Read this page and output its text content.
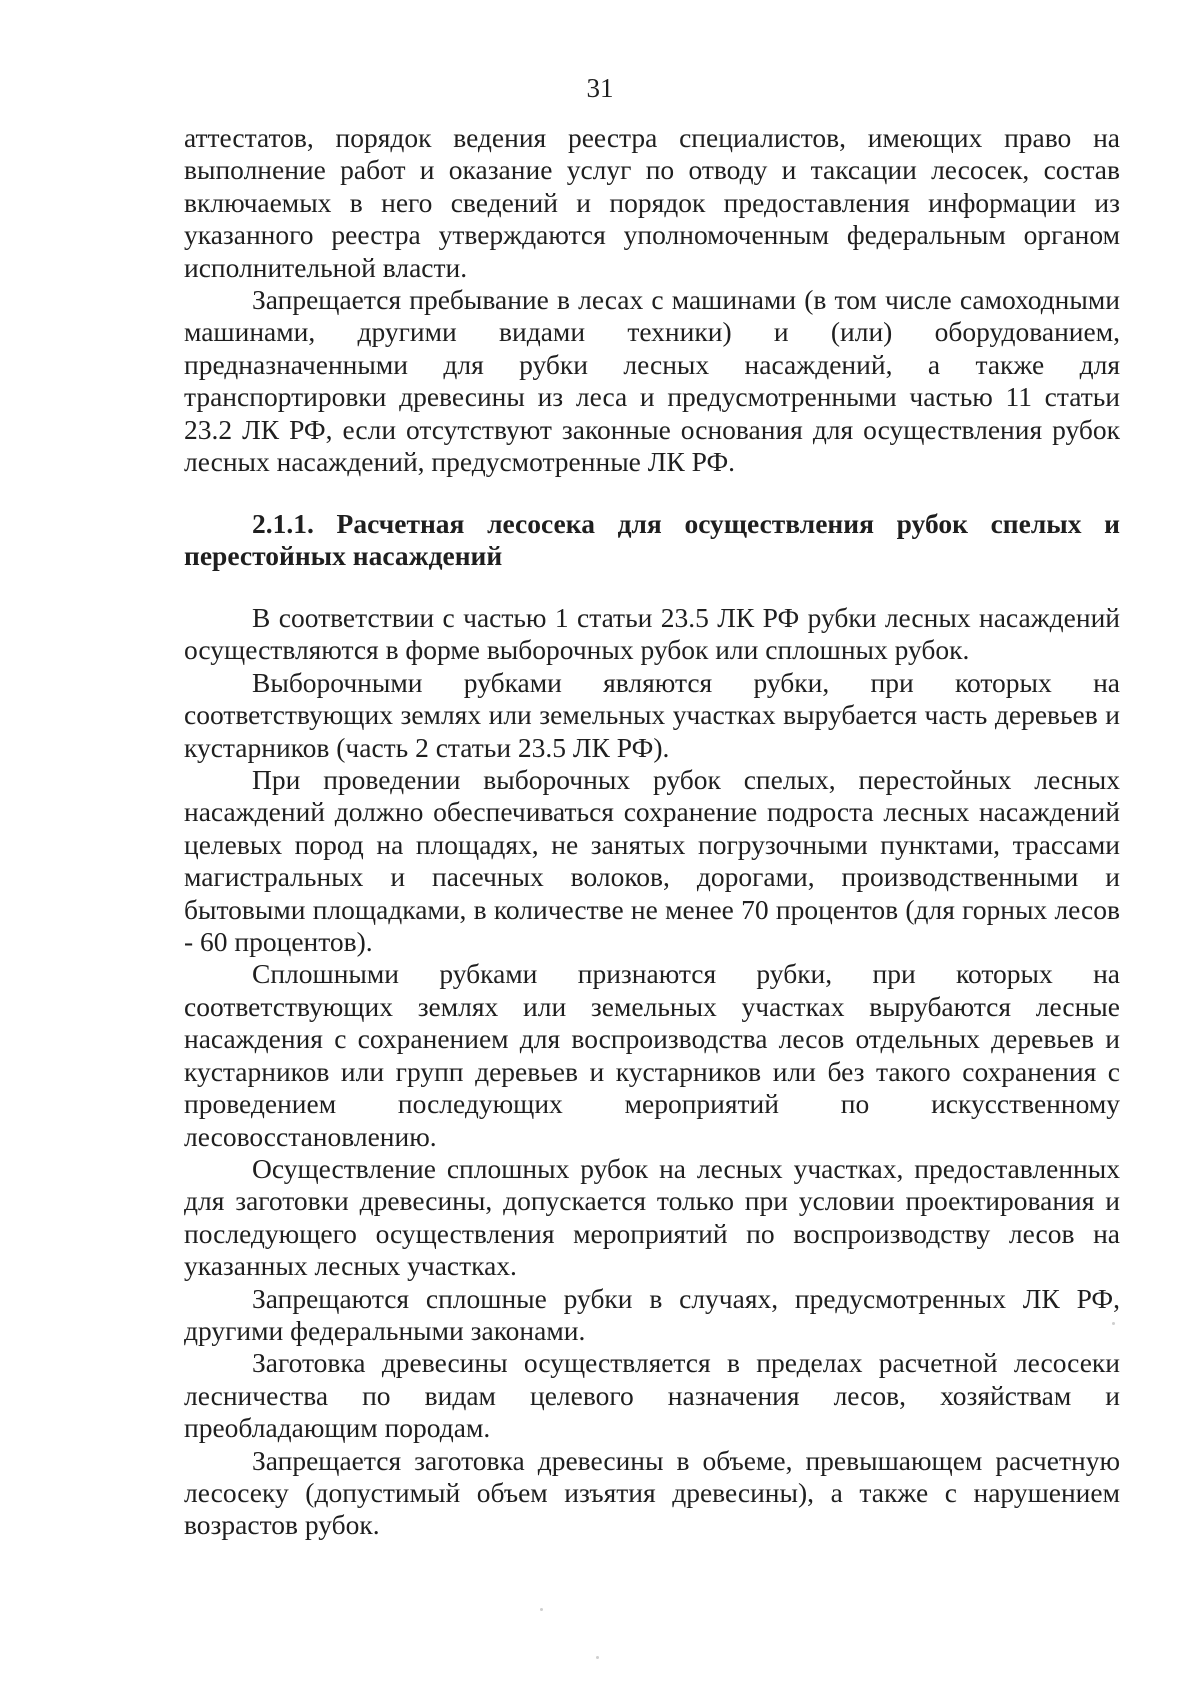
31

аттестатов, порядок ведения реестра специалистов, имеющих право на выполнение работ и оказание услуг по отводу и таксации лесосек, состав включаемых в него сведений и порядок предоставления информации из указанного реестра утверждаются уполномоченным федеральным органом исполнительной власти.

Запрещается пребывание в лесах с машинами (в том числе самоходными машинами, другими видами техники) и (или) оборудованием, предназначенными для рубки лесных насаждений, а также для транспортировки древесины из леса и предусмотренными частью 11 статьи 23.2 ЛК РФ, если отсутствуют законные основания для осуществления рубок лесных насаждений, предусмотренные ЛК РФ.

2.1.1. Расчетная лесосека для осуществления рубок спелых и перестойных насаждений

В соответствии с частью 1 статьи 23.5 ЛК РФ рубки лесных насаждений осуществляются в форме выборочных рубок или сплошных рубок.

Выборочными рубками являются рубки, при которых на соответствующих землях или земельных участках вырубается часть деревьев и кустарников (часть 2 статьи 23.5 ЛК РФ).

При проведении выборочных рубок спелых, перестойных лесных насаждений должно обеспечиваться сохранение подроста лесных насаждений целевых пород на площадях, не занятых погрузочными пунктами, трассами магистральных и пасечных волоков, дорогами, производственными и бытовыми площадками, в количестве не менее 70 процентов (для горных лесов - 60 процентов).

Сплошными рубками признаются рубки, при которых на соответствующих землях или земельных участках вырубаются лесные насаждения с сохранением для воспроизводства лесов отдельных деревьев и кустарников или групп деревьев и кустарников или без такого сохранения с проведением последующих мероприятий по искусственному лесовосстановлению.

Осуществление сплошных рубок на лесных участках, предоставленных для заготовки древесины, допускается только при условии проектирования и последующего осуществления мероприятий по воспроизводству лесов на указанных лесных участках.

Запрещаются сплошные рубки в случаях, предусмотренных ЛК РФ, другими федеральными законами.

Заготовка древесины осуществляется в пределах расчетной лесосеки лесничества по видам целевого назначения лесов, хозяйствам и преобладающим породам.

Запрещается заготовка древесины в объеме, превышающем расчетную лесосеку (допустимый объем изъятия древесины), а также с нарушением возрастов рубок.
